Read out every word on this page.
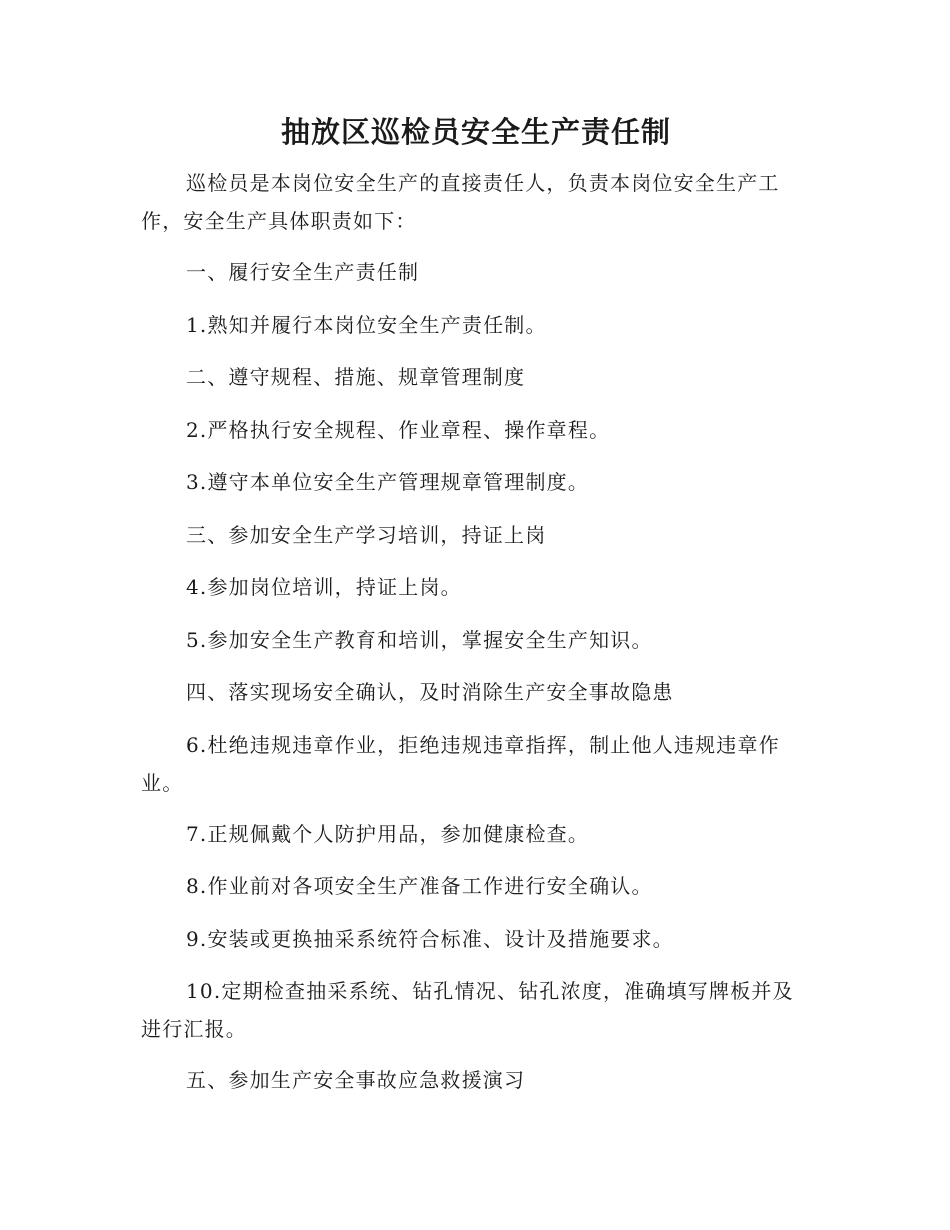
抽放区巡检员安全生产责任制

巡检员是本岗位安全生产的直接责任人，负责本岗位安全生产工作，安全生产具体职责如下：

一、履行安全生产责任制

1.熟知并履行本岗位安全生产责任制。

二、遵守规程、措施、规章管理制度

2.严格执行安全规程、作业章程、操作章程。

3.遵守本单位安全生产管理规章管理制度。

三、参加安全生产学习培训，持证上岗

4.参加岗位培训，持证上岗。

5.参加安全生产教育和培训，掌握安全生产知识。

四、落实现场安全确认，及时消除生产安全事故隐患

6.杜绝违规违章作业，拒绝违规违章指挥，制止他人违规违章作业。

7.正规佩戴个人防护用品，参加健康检查。

8.作业前对各项安全生产准备工作进行安全确认。

9.安装或更换抽采系统符合标准、设计及措施要求。

10.定期检查抽采系统、钻孔情况、钻孔浓度，准确填写牌板并及进行汇报。

五、参加生产安全事故应急救援演习
